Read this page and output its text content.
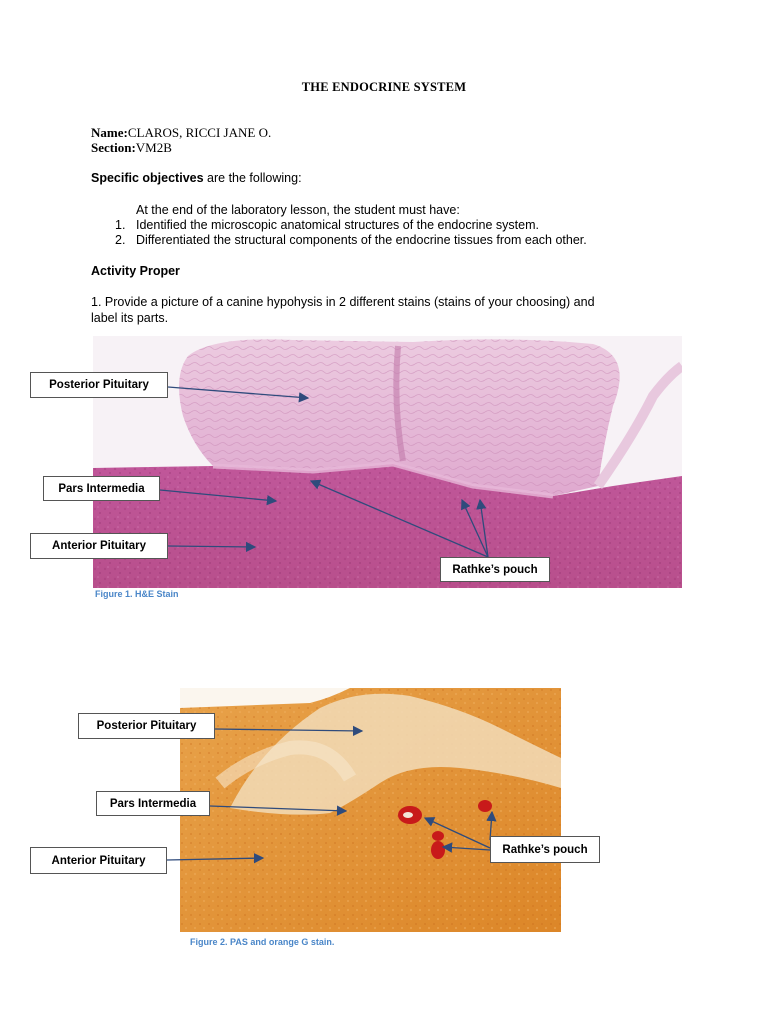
THE ENDOCRINE SYSTEM
Name:CLAROS, RICCI JANE O.
Section:VM2B
Specific objectives are the following:
At the end of the laboratory lesson, the student must have:
1. Identified the microscopic anatomical structures of the endocrine system.
2. Differentiated the structural components of the endocrine tissues from each other.
Activity Proper
1. Provide a picture of a canine hypohysis in 2 different stains (stains of your choosing) and
label its parts.
Posterior Pituitary
Pars Intermedia
Anterior Pituitary
Rathke’s pouch
Figure 1. H&E Stain
Posterior Pituitary
Pars Intermedia
Anterior Pituitary
Rathke’s pouch
Figure 2. PAS and orange G stain.
